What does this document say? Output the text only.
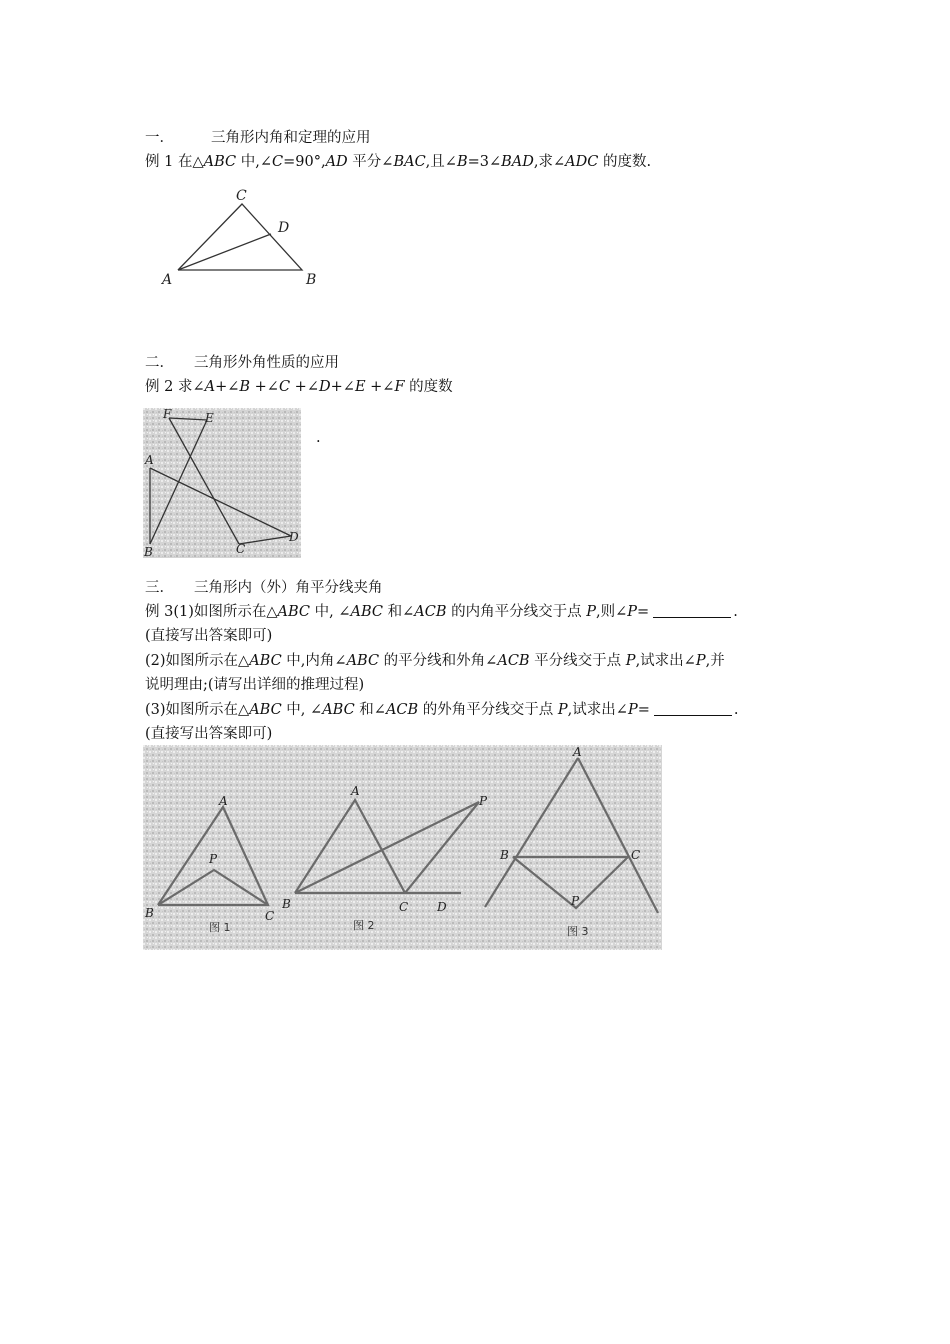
一．	三角形内角和定理的应用
例 1 在△ABC 中,∠C=90°,AD 平分∠BAC,且∠B=3∠BAD,求∠ADC 的度数.
A
C
D
B
二． 三角形外角性质的应用
例 2 求∠A+∠B +∠C +∠D+∠E +∠F 的度数
F	E
A
B	C
D
.
三． 三角形内（外）角平分线夹角
例 3(1)如图所示在△ABC 中, ∠ABC 和∠ACB 的内角平分线交于点 P,则∠P=	.
(直接写出答案即可)
(2)如图所示在△ABC 中,内角∠ABC 的平分线和外角∠ACB 平分线交于点 P,试求出∠P,并
说明理由;(请写出详细的推理过程)
(3)如图所示在△ABC 中, ∠ABC 和∠ACB 的外角平分线交于点 P,试求出∠P=	.
(直接写出答案即可)
A
P
B	C
图 1
A
P
B	C D
图 2
A
B	C
P
图 3
